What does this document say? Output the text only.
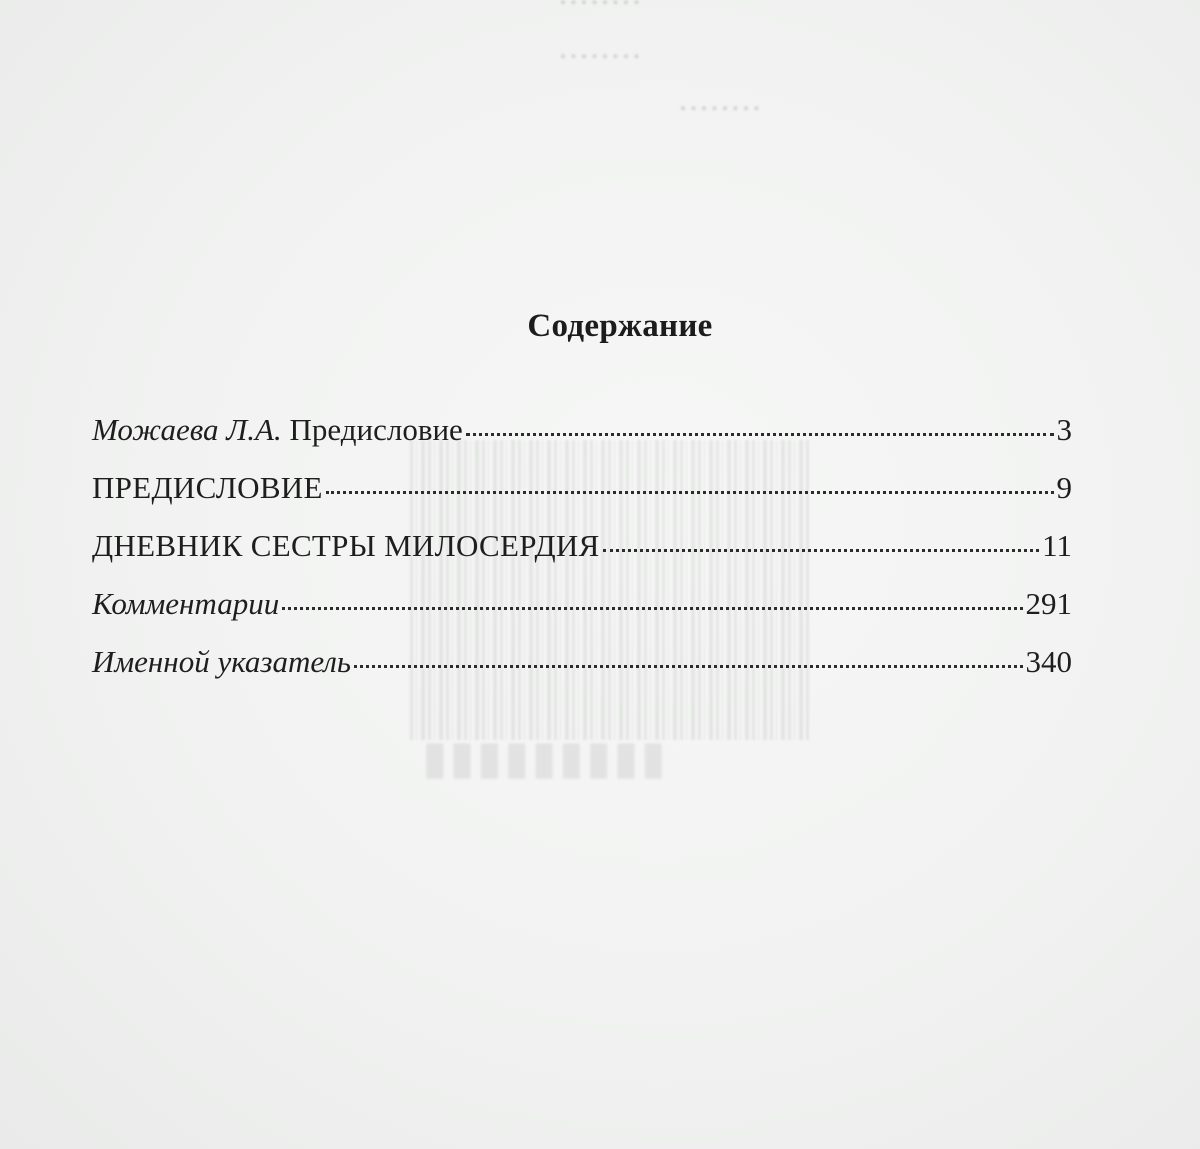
········
········
········
▮▮▮▮▮▮▮▮▮
Содержание
Можаева Л.А. Предисловие	3
ПРЕДИСЛОВИЕ	9
ДНЕВНИК СЕСТРЫ МИЛОСЕРДИЯ	11
Комментарии	291
Именной указатель	340
